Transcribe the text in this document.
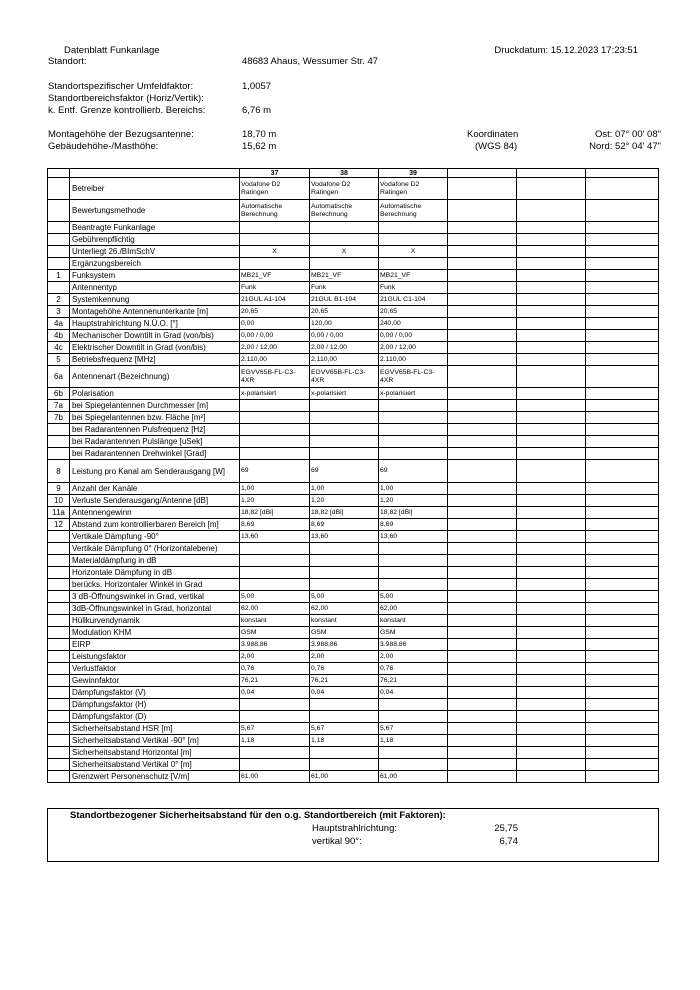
Datenblatt Funkanlage	Druckdatum: 15.12.2023 17:23:51
Standort:	48683 Ahaus, Wessumer Str. 47
Standortspezifischer Umfeldfaktor:	1,0057
Standortbereichsfaktor (Horiz/Vertik):
k. Entf. Grenze kontrollierb. Bereichs:	6,76 m
Montagehöhe der Bezugsantenne:	18,70 m
Gebäudehöhe-/Masthöhe:	15,62 m
Koordinaten
(WGS 84)
Ost: 07° 00' 08"
Nord: 52° 04' 47"
		37	38	39			
	Betreiber	Vodafone D2 Ratingen	Vodafone D2 Ratingen	Vodafone D2 Ratingen			
	Bewertungsmethode	Automatische Berechnung	Automatische Berechnung	Automatische Berechnung			
	Beantragte Funkanlage						
	Gebührenpflichtig						
	Unterliegt 26./BImSchV	X	X	X			
	Ergänzungsbereich						
1	Funksystem	MB21_VF	MB21_VF	MB21_VF			
	Antennentyp	Funk	Funk	Funk			
2	Systemkennung	21GUL A1-104	21GUL B1-104	21GUL C1-104			
3	Montagehöhe Antennenunterkante [m]	20,65	20,65	20,65			
4a	Hauptstrahlrichtung N.Ü.O. [°]	0,00	120,00	240,00			
4b	Mechanischer Downtilt in Grad (von/bis)	0,00 / 0,00	0,00 / 0,00	0,00 / 0,00			
4c	Elektrischer Downtilt in Grad (von/bis)	2,00 / 12,00	2,00 / 12,00	2,00 / 12,00			
5	Betriebsfrequenz [MHz]	2.110,00	2.110,00	2.110,00			
6a	Antennenart (Bezeichnung)	EGVV65B-FL-C3-4XR	EGVV65B-FL-C3-4XR	EGVV65B-FL-C3-4XR			
6b	Polarisation	x-polarisiert	x-polarisiert	x-polarisiert			
7a	bei Spiegelantennen Durchmesser [m]						
7b	bei Spiegelantennen bzw. Fläche [m²]						
	bei Radarantennen Pulsfrequenz [Hz]						
	bei Radarantennen Pulslänge [uSek]						
	bei Radarantennen Drehwinkel [Grad]						
8	Leistung pro Kanal am Senderausgang [W]	69	69	69			
9	Anzahl der Kanäle	1,00	1,00	1,00			
10	Verluste Senderausgang/Antenne [dB]	1,20	1,20	1,20			
11a	Antennengewinn	18,82 [dBi]	18,82 [dBi]	18,82 [dBi]			
12	Abstand zum kontrollierbaren Bereich [m]	8,69	8,69	8,69			
	Vertikale Dämpfung -90°	13,60	13,60	13,60			
	Vertikale Dämpfung 0° (Horizontalebene)						
	Materialdämpfung in dB						
	Horizontale Dämpfung in dB						
	berücks. Horizontaler Winkel in Grad						
	3 dB-Öffnungswinkel in Grad, vertikal	5,00	5,00	5,00			
	3dB-Öffnungswinkel in Grad, horizontal	62,00	62,00	62,00			
	Hüllkurvendynamik	konstant	konstant	konstant			
	Modulation KHM	GSM	GSM	GSM			
	EIRP	3.988,86	3.988,86	3.988,86			
	Leistungsfaktor	2,00	2,00	2,00			
	Verlustfaktor	0,76	0,76	0,76			
	Gewinnfaktor	76,21	76,21	76,21			
	Dämpfungsfaktor (V)	0,04	0,04	0,04			
	Dämpfungsfaktor (H)						
	Dämpfungsfaktor (D)						
	Sicherheitsabstand HSR [m]	5,67	5,67	5,67			
	Sicherheitsabstand Vertikal -90° [m]	1,18	1,18	1,18			
	Sicherheitsabstand Horizontal [m]						
	Sicherheitsabstand Vertikal 0° [m]						
	Grenzwert Personenschutz [V/m]	61,00	61,00	61,00			
Standortbezogener Sicherheitsabstand für den o.g. Standortbereich (mit Faktoren):
Hauptstrahlrichtung:	25,75
vertikal 90°:	6,74
